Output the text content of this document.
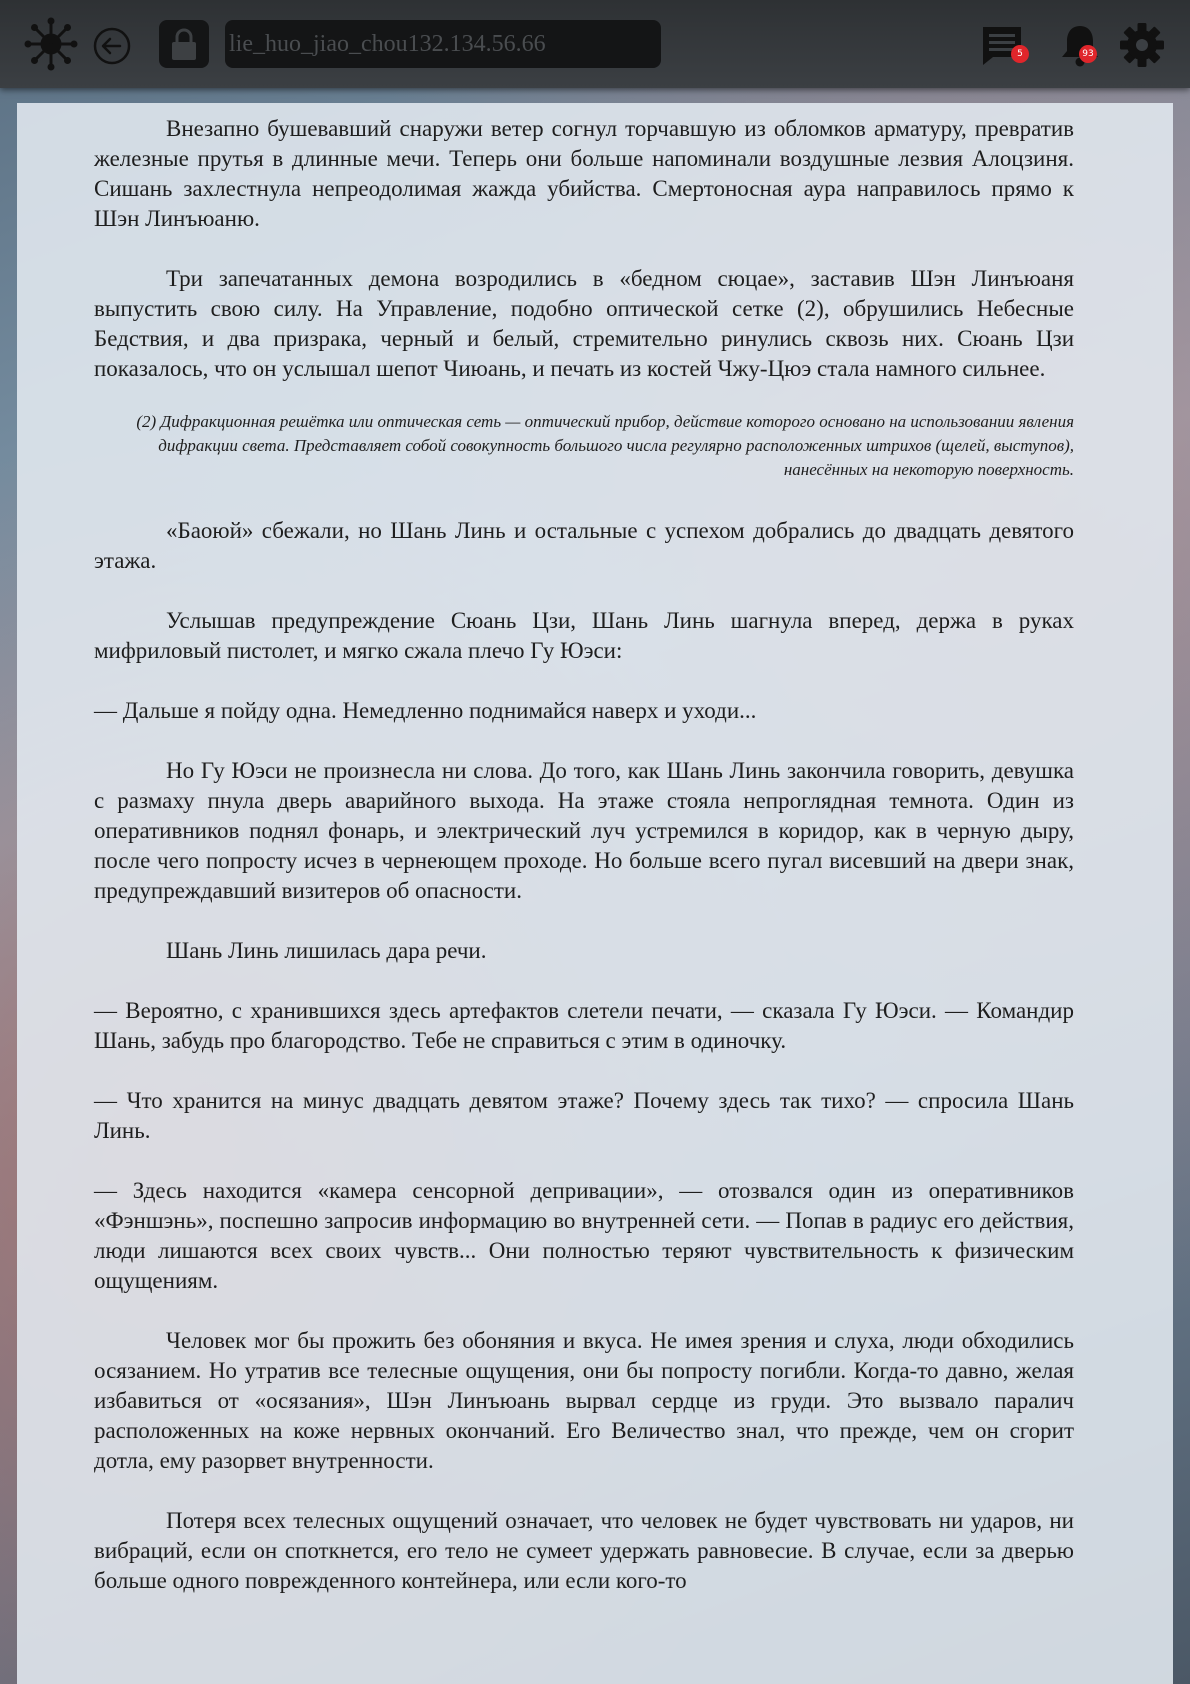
lie_huo_jiao_chou132.134.56.66	5	93

Внезапно бушевавший снаружи ветер согнул торчавшую из обломков арматуру, превратив железные прутья в длинные мечи. Теперь они больше напоминали воздушные лезвия Алоцзиня. Сишань захлестнула непреодолимая жажда убийства. Смертоносная аура направилось прямо к Шэн Линъюаню.

Три запечатанных демона возродились в «бедном сюцае», заставив Шэн Линъюаня выпустить свою силу. На Управление, подобно оптической сетке (2), обрушились Небесные Бедствия, и два призрака, черный и белый, стремительно ринулись сквозь них. Сюань Цзи показалось, что он услышал шепот Чиюань, и печать из костей Чжу-Цюэ стала намного сильнее.

(2) Дифракционная решётка или оптическая сеть — оптический прибор, действие которого основано на использовании явления дифракции света. Представляет собой совокупность большого числа регулярно расположенных штрихов (щелей, выступов), нанесённых на некоторую поверхность.

«Баоюй» сбежали, но Шань Линь и остальные с успехом добрались до двадцать девятого этажа.

Услышав предупреждение Сюань Цзи, Шань Линь шагнула вперед, держа в руках мифриловый пистолет, и мягко сжала плечо Гу Юэси:

— Дальше я пойду одна. Немедленно поднимайся наверх и уходи...

Но Гу Юэси не произнесла ни слова. До того, как Шань Линь закончила говорить, девушка с размаху пнула дверь аварийного выхода. На этаже стояла непроглядная темнота. Один из оперативников поднял фонарь, и электрический луч устремился в коридор, как в черную дыру, после чего попросту исчез в чернеющем проходе. Но больше всего пугал висевший на двери знак, предупреждавший визитеров об опасности.

Шань Линь лишилась дара речи.

— Вероятно, с хранившихся здесь артефактов слетели печати, — сказала Гу Юэси. — Командир Шань, забудь про благородство. Тебе не справиться с этим в одиночку.

— Что хранится на минус двадцать девятом этаже? Почему здесь так тихо? — спросила Шань Линь.

— Здесь находится «камера сенсорной депривации», — отозвался один из оперативников «Фэншэнь», поспешно запросив информацию во внутренней сети. — Попав в радиус его действия, люди лишаются всех своих чувств... Они полностью теряют чувствительность к физическим ощущениям.

Человек мог бы прожить без обоняния и вкуса. Не имея зрения и слуха, люди обходились осязанием. Но утратив все телесные ощущения, они бы попросту погибли. Когда-то давно, желая избавиться от «осязания», Шэн Линъюань вырвал сердце из груди. Это вызвало паралич расположенных на коже нервных окончаний. Его Величество знал, что прежде, чем он сгорит дотла, ему разорвет внутренности.

Потеря всех телесных ощущений означает, что человек не будет чувствовать ни ударов, ни вибраций, если он споткнется, его тело не сумеет удержать равновесие. В случае, если за дверью больше одного поврежденного контейнера, или если кого-то
